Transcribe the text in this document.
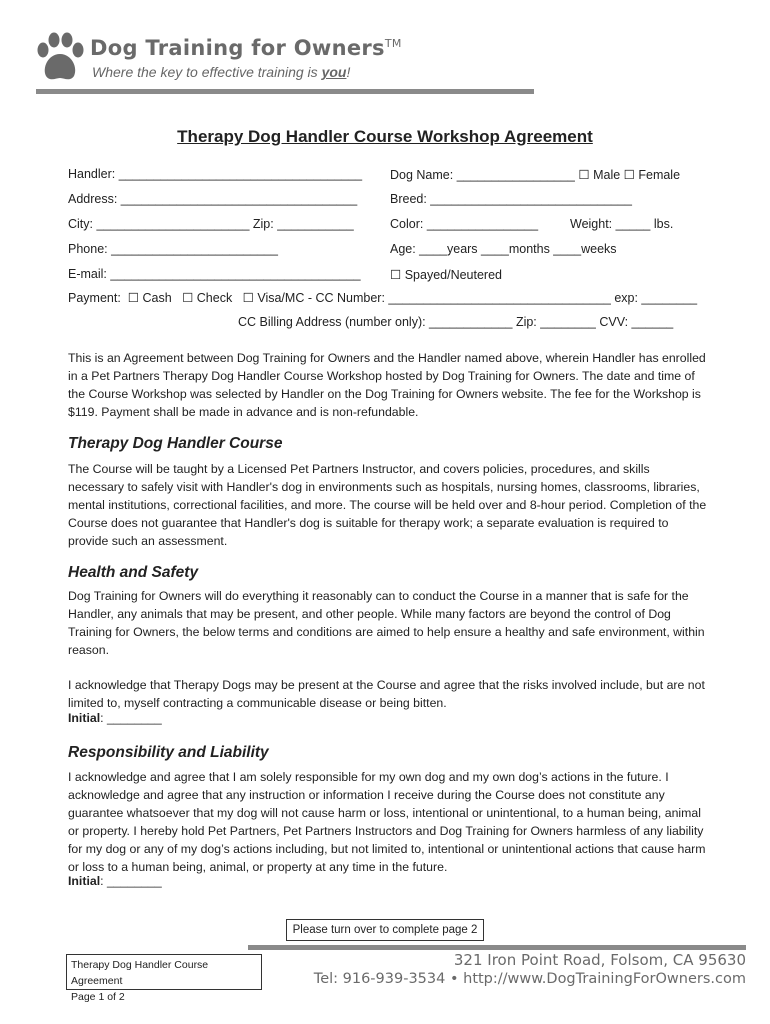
Dog Training for Owners™
Where the key to effective training is you!
Therapy Dog Handler Course Workshop Agreement
Handler: ___________________________________ Dog Name: _________________ ☐ Male ☐ Female
Address: __________________________________	Breed: _____________________________
City: ______________________ Zip: ___________	Color: ________________	Weight: _____ lbs.
Phone: ________________________	Age: ____years ____months ____weeks
E-mail: ____________________________________ ☐ Spayed/Neutered
Payment: ☐ Cash ☐ Check ☐ Visa/MC - CC Number: ________________________________ exp: ________
CC Billing Address (number only): ____________ Zip: ________ CVV: ______

This is an Agreement between Dog Training for Owners and the Handler named above, wherein Handler has enrolled in a Pet Partners Therapy Dog Handler Course Workshop hosted by Dog Training for Owners. The date and time of the Course Workshop was selected by Handler on the Dog Training for Owners website. The fee for the Workshop is $119. Payment shall be made in advance and is non-refundable.

Therapy Dog Handler Course

The Course will be taught by a Licensed Pet Partners Instructor, and covers policies, procedures, and skills necessary to safely visit with Handler's dog in environments such as hospitals, nursing homes, classrooms, libraries, mental institutions, correctional facilities, and more. The course will be held over and 8-hour period. Completion of the Course does not guarantee that Handler's dog is suitable for therapy work; a separate evaluation is required to provide such an assessment.

Health and Safety

Dog Training for Owners will do everything it reasonably can to conduct the Course in a manner that is safe for the Handler, any animals that may be present, and other people. While many factors are beyond the control of Dog Training for Owners, the below terms and conditions are aimed to help ensure a healthy and safe environment, within reason.

I acknowledge that Therapy Dogs may be present at the Course and agree that the risks involved include, but are not limited to, myself contracting a communicable disease or being bitten.

Initial: ________
Responsibility and Liability

I acknowledge and agree that I am solely responsible for my own dog and my own dog’s actions in the future. I acknowledge and agree that any instruction or information I receive during the Course does not constitute any guarantee whatsoever that my dog will not cause harm or loss, intentional or unintentional, to a human being, animal or property. I hereby hold Pet Partners, Pet Partners Instructors and Dog Training for Owners harmless of any liability for my dog or any of my dog’s actions including, but not limited to, intentional or unintentional actions that cause harm or loss to a human being, animal, or property at any time in the future.

Initial: ________
Please turn over to complete page 2
Therapy Dog Handler Course Agreement
Page 1 of 2
321 Iron Point Road, Folsom, CA 95630
Tel: 916-939-3534 • http://www.DogTrainingForOwners.com
